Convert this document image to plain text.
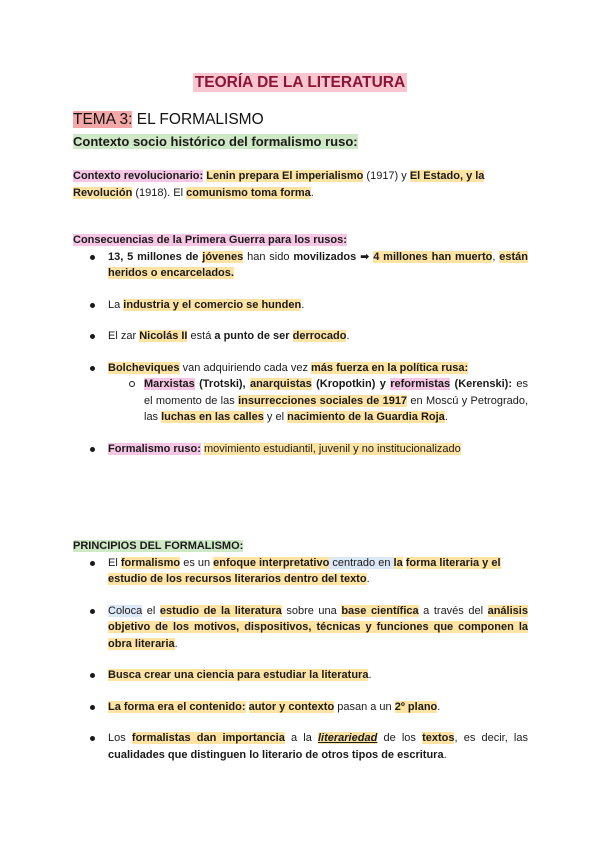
TEORÍA DE LA LITERATURA
TEMA 3: EL FORMALISMO
Contexto socio histórico del formalismo ruso:
Contexto revolucionario: Lenin prepara El imperialismo (1917) y El Estado, y la Revolución (1918). El comunismo toma forma.
Consecuencias de la Primera Guerra para los rusos:
13, 5 millones de jóvenes han sido movilizados ➡ 4 millones han muerto, están heridos o encarcelados.
La industria y el comercio se hunden.
El zar Nicolás II está a punto de ser derrocado.
Bolcheviques van adquiriendo cada vez más fuerza en la política rusa:
Marxistas (Trotski), anarquistas (Kropotkin) y reformistas (Kerenski): es el momento de las insurrecciones sociales de 1917 en Moscú y Petrogrado, las luchas en las calles y el nacimiento de la Guardia Roja.
Formalismo ruso: movimiento estudiantil, juvenil y no institucionalizado
PRINCIPIOS DEL FORMALISMO:
El formalismo es un enfoque interpretativo centrado en la forma literaria y el estudio de los recursos literarios dentro del texto.
Coloca el estudio de la literatura sobre una base científica a través del análisis objetivo de los motivos, dispositivos, técnicas y funciones que componen la obra literaria.
Busca crear una ciencia para estudiar la literatura.
La forma era el contenido: autor y contexto pasan a un 2º plano.
Los formalistas dan importancia a la literariedad de los textos, es decir, las cualidades que distinguen lo literario de otros tipos de escritura.
